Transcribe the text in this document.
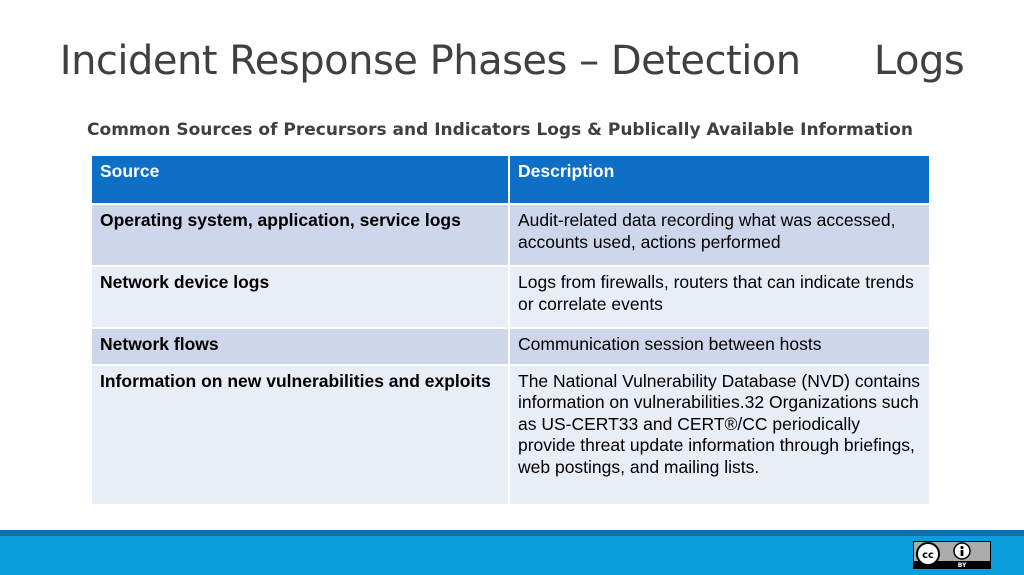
Incident Response Phases – Detection      Logs
Common Sources of Precursors and Indicators Logs & Publically Available Information
Source	Description
Operating system, application, service logs	Audit-related data recording what was accessed, accounts used, actions performed
Network device logs	Logs from firewalls, routers that can indicate trends or correlate events
Network flows	Communication session between hosts
Information on new vulnerabilities and exploits	The National Vulnerability Database (NVD) contains information on vulnerabilities.32 Organizations such as US-CERT33 and CERT®/CC periodically provide threat update information through briefings, web postings, and mailing lists.
cc
BY
